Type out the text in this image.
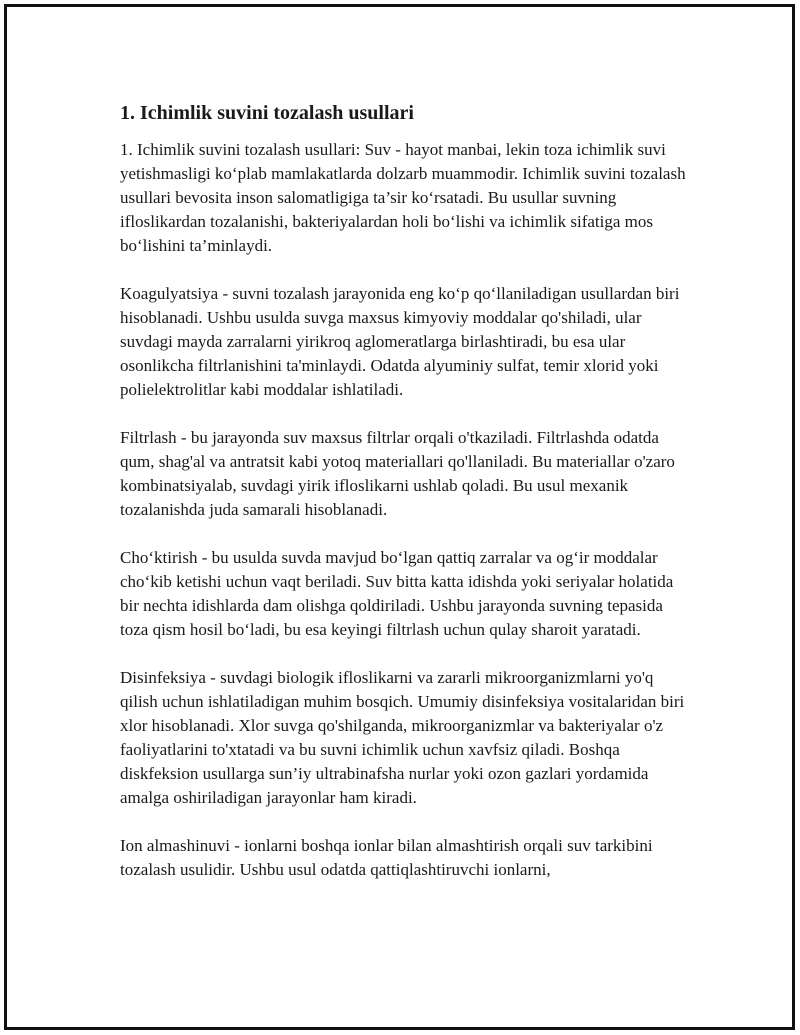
1. Ichimlik suvini tozalash usullari

1. Ichimlik suvini tozalash usullari: Suv - hayot manbai, lekin toza ichimlik suvi yetishmasligi ko‘plab mamlakatlarda dolzarb muammodir. Ichimlik suvini tozalash usullari bevosita inson salomatligiga ta’sir ko‘rsatadi. Bu usullar suvning ifloslikardan tozalanishi, bakteriyalardan holi bo‘lishi va ichimlik sifatiga mos bo‘lishini ta’minlaydi.

Koagulyatsiya - suvni tozalash jarayonida eng ko‘p qo‘llaniladigan usullardan biri hisoblanadi. Ushbu usulda suvga maxsus kimyoviy moddalar qo'shiladi, ular suvdagi mayda zarralarni yirikroq aglomeratlarga birlashtiradi, bu esa ular osonlikcha filtrlanishini ta'minlaydi. Odatda alyuminiy sulfat, temir xlorid yoki polielektrolitlar kabi moddalar ishlatiladi.

Filtrlash - bu jarayonda suv maxsus filtrlar orqali o'tkaziladi. Filtrlashda odatda qum, shag'al va antratsit kabi yotoq materiallari qo'llaniladi. Bu materiallar o'zaro kombinatsiyalab, suvdagi yirik ifloslikarni ushlab qoladi. Bu usul mexanik tozalanishda juda samarali hisoblanadi.

Cho‘ktirish - bu usulda suvda mavjud bo‘lgan qattiq zarralar va og‘ir moddalar cho‘kib ketishi uchun vaqt beriladi. Suv bitta katta idishda yoki seriyalar holatida bir nechta idishlarda dam olishga qoldiriladi. Ushbu jarayonda suvning tepasida toza qism hosil bo‘ladi, bu esa keyingi filtrlash uchun qulay sharoit yaratadi.

Disinfeksiya - suvdagi biologik ifloslikarni va zararli mikroorganizmlarni yo'q qilish uchun ishlatiladigan muhim bosqich. Umumiy disinfeksiya vositalaridan biri xlor hisoblanadi. Xlor suvga qo'shilganda, mikroorganizmlar va bakteriyalar o'z faoliyatlarini to'xtatadi va bu suvni ichimlik uchun xavfsiz qiladi. Boshqa diskfeksion usullarga sun’iy ultrabinafsha nurlar yoki ozon gazlari yordamida amalga oshiriladigan jarayonlar ham kiradi.

Ion almashinuvi - ionlarni boshqa ionlar bilan almashtirish orqali suv tarkibini tozalash usulidir. Ushbu usul odatda qattiqlashtiruvchi ionlarni,
